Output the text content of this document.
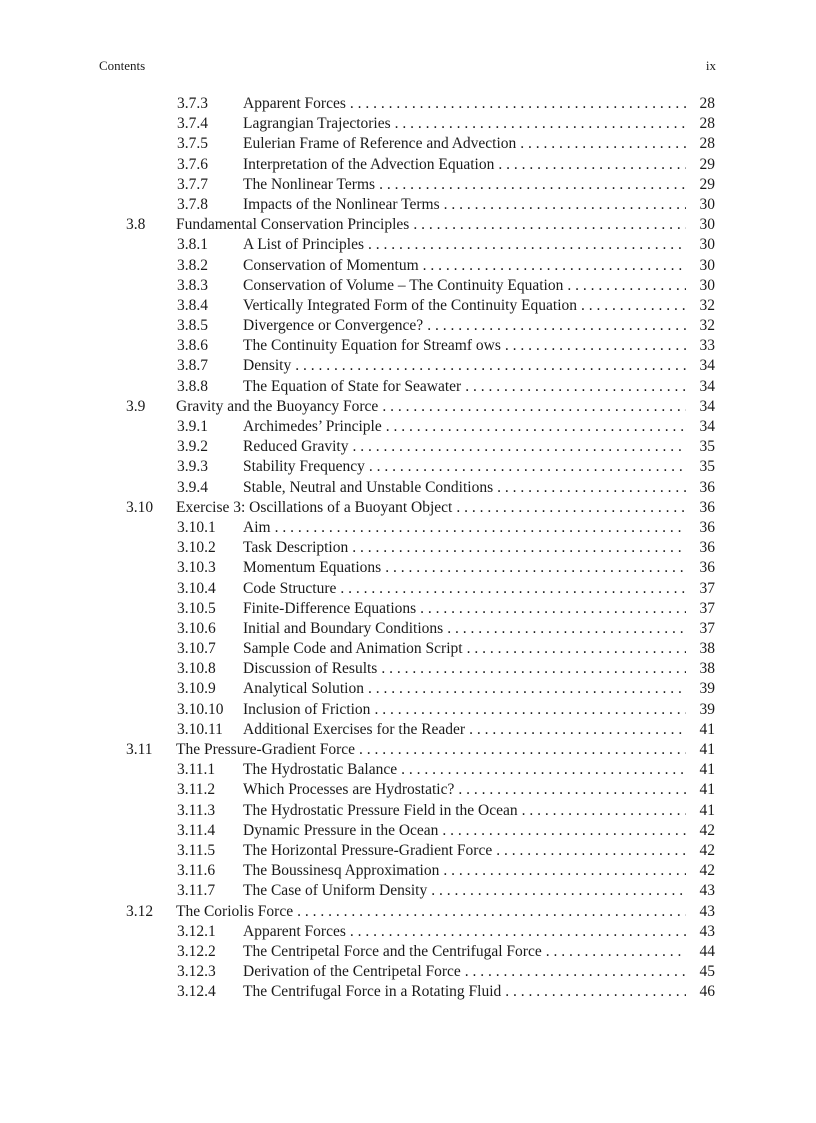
Contents	ix
3.7.3 Apparent Forces . . .	28
3.7.4 Lagrangian Trajectories . . .	28
3.7.5 Eulerian Frame of Reference and Advection . . .	28
3.7.6 Interpretation of the Advection Equation . . .	29
3.7.7 The Nonlinear Terms . . .	29
3.7.8 Impacts of the Nonlinear Terms . . .	30
3.8 Fundamental Conservation Principles . . .	30
3.8.1 A List of Principles . . .	30
3.8.2 Conservation of Momentum . . .	30
3.8.3 Conservation of Volume – The Continuity Equation . . .	30
3.8.4 Vertically Integrated Form of the Continuity Equation . . .	32
3.8.5 Divergence or Convergence? . . .	32
3.8.6 The Continuity Equation for Streamf ows . . .	33
3.8.7 Density . . .	34
3.8.8 The Equation of State for Seawater . . .	34
3.9 Gravity and the Buoyancy Force . . .	34
3.9.1 Archimedes’ Principle . . .	34
3.9.2 Reduced Gravity . . .	35
3.9.3 Stability Frequency . . .	35
3.9.4 Stable, Neutral and Unstable Conditions . . .	36
3.10 Exercise 3: Oscillations of a Buoyant Object . . .	36
3.10.1 Aim . . .	36
3.10.2 Task Description . . .	36
3.10.3 Momentum Equations . . .	36
3.10.4 Code Structure . . .	37
3.10.5 Finite-Difference Equations . . .	37
3.10.6 Initial and Boundary Conditions . . .	37
3.10.7 Sample Code and Animation Script . . .	38
3.10.8 Discussion of Results . . .	38
3.10.9 Analytical Solution . . .	39
3.10.10 Inclusion of Friction . . .	39
3.10.11 Additional Exercises for the Reader . . .	41
3.11 The Pressure-Gradient Force . . .	41
3.11.1 The Hydrostatic Balance . . .	41
3.11.2 Which Processes are Hydrostatic? . . .	41
3.11.3 The Hydrostatic Pressure Field in the Ocean . . .	41
3.11.4 Dynamic Pressure in the Ocean . . .	42
3.11.5 The Horizontal Pressure-Gradient Force . . .	42
3.11.6 The Boussinesq Approximation . . .	42
3.11.7 The Case of Uniform Density . . .	43
3.12 The Coriolis Force . . .	43
3.12.1 Apparent Forces . . .	43
3.12.2 The Centripetal Force and the Centrifugal Force . . .	44
3.12.3 Derivation of the Centripetal Force . . .	45
3.12.4 The Centrifugal Force in a Rotating Fluid . . .	46
